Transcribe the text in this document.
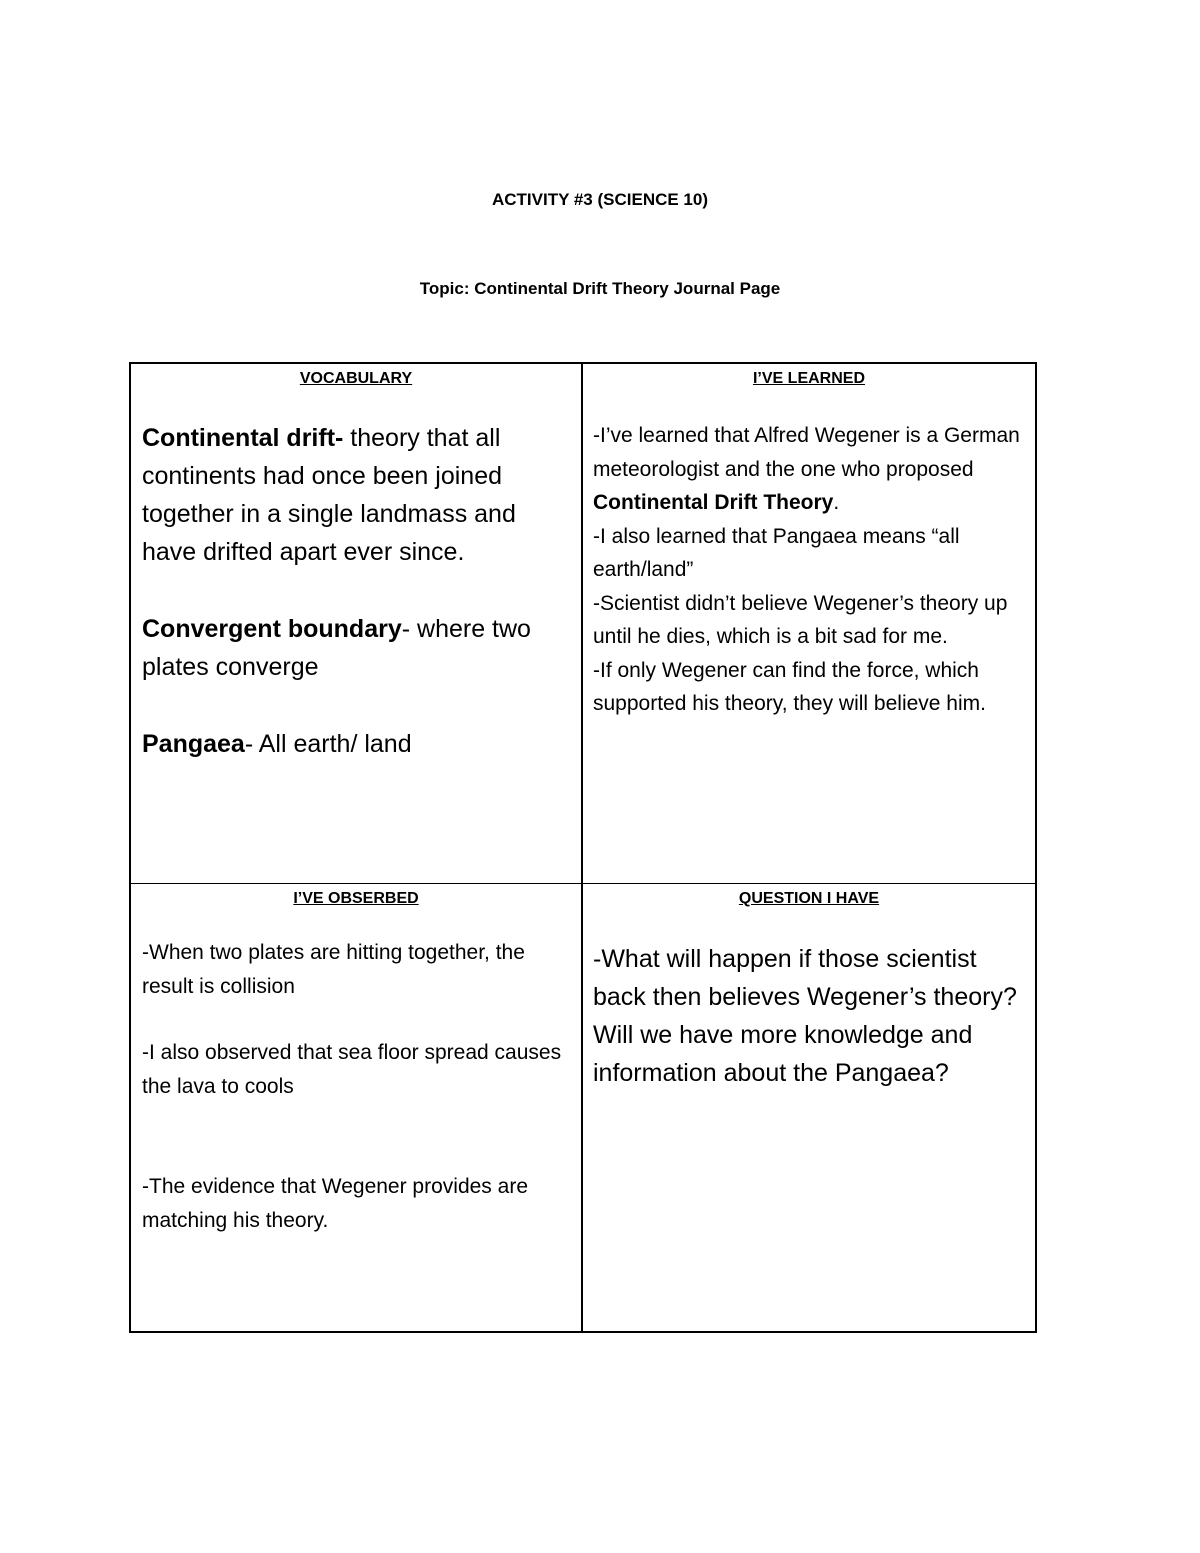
ACTIVITY #3 (SCIENCE 10)
Topic: Continental Drift Theory Journal Page
VOCABULARY

Continental drift- theory that all continents had once been joined together in a single landmass and have drifted apart ever since.

Convergent boundary- where two plates converge

Pangaea- All earth/ land

I’VE LEARNED

-I’ve learned that Alfred Wegener is a German meteorologist and the one who proposed Continental Drift Theory.

-I also learned that Pangaea means “all earth/land”

-Scientist didn’t believe Wegener’s theory up until he dies, which is a bit sad for me.

-If only Wegener can find the force, which supported his theory, they will believe him.

I’VE OBSERBED

-When two plates are hitting together, the result is collision

-I also observed that sea floor spread causes the lava to cools

-The evidence that Wegener provides are matching his theory.

QUESTION I HAVE

-What will happen if those scientist back then believes Wegener’s theory? Will we have more knowledge and information about the Pangaea?
